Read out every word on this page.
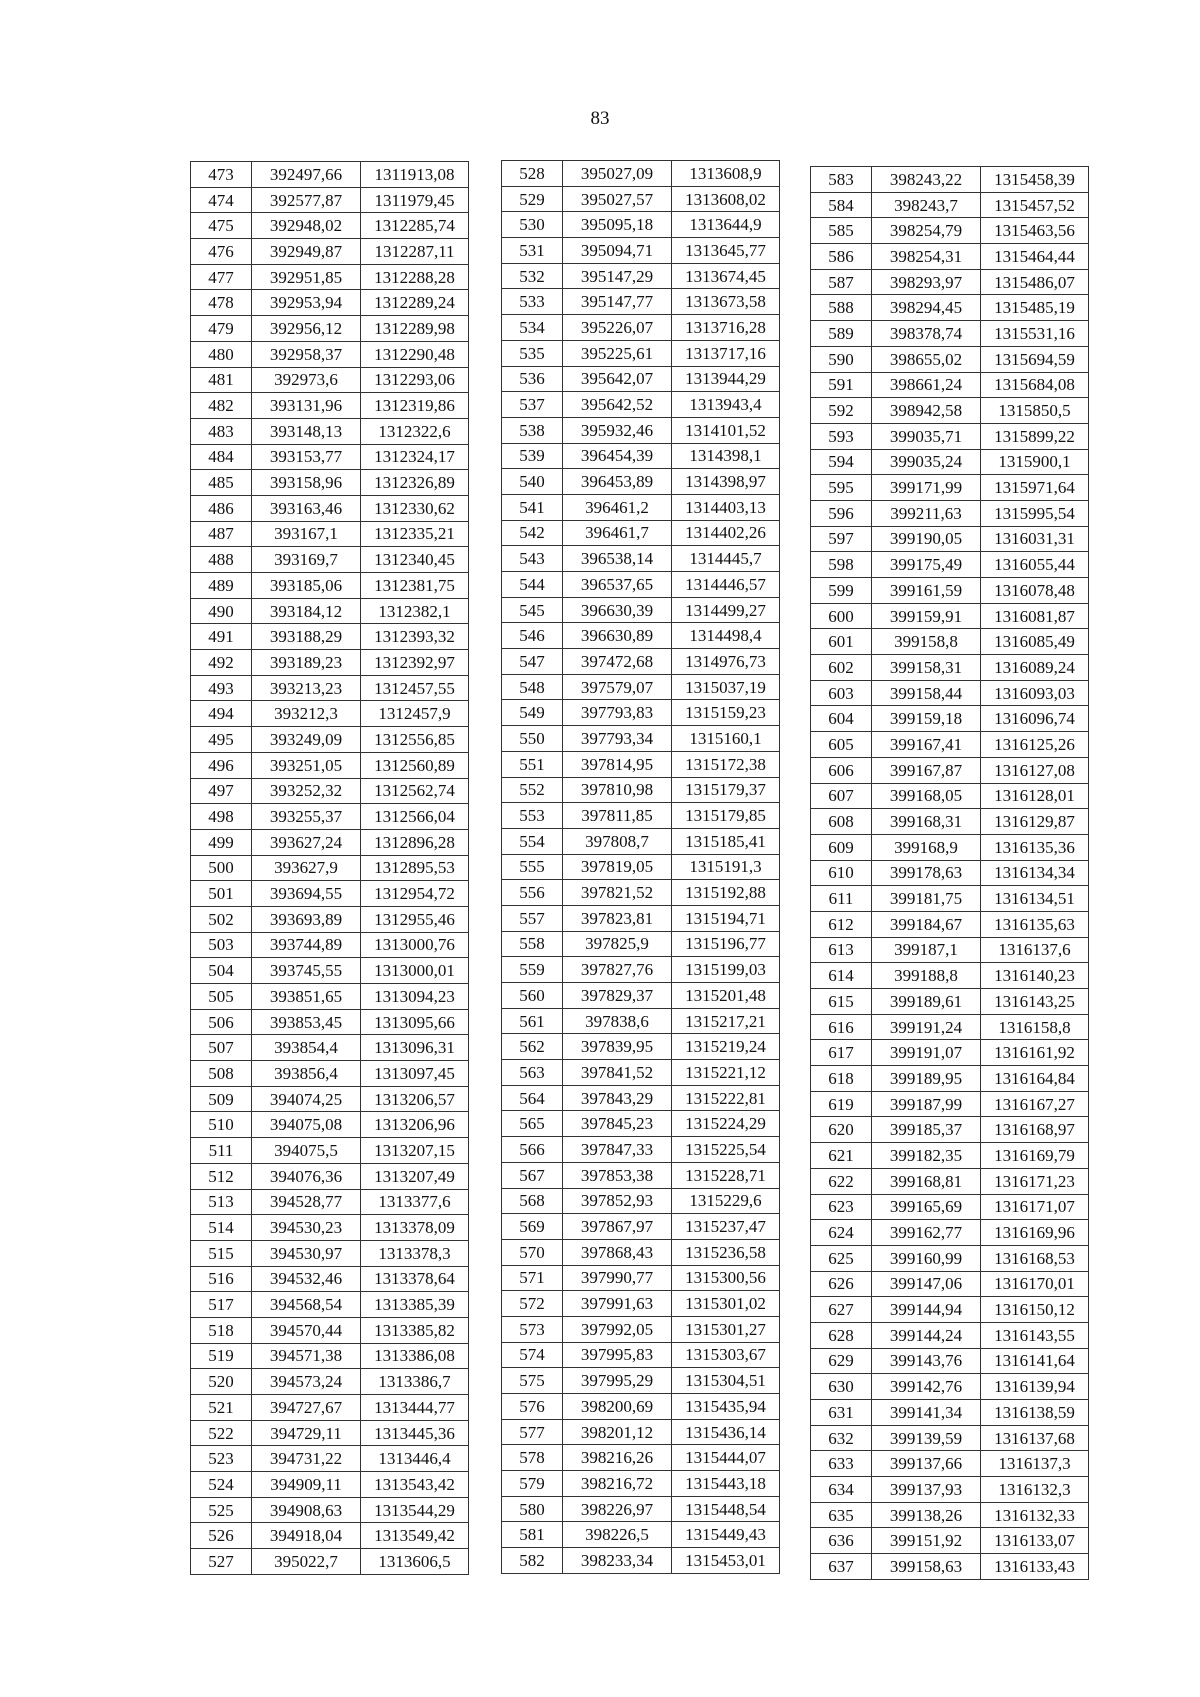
83
473	392497,66	1311913,08
474	392577,87	1311979,45
475	392948,02	1312285,74
476	392949,87	1312287,11
477	392951,85	1312288,28
478	392953,94	1312289,24
479	392956,12	1312289,98
480	392958,37	1312290,48
481	392973,6	1312293,06
482	393131,96	1312319,86
483	393148,13	1312322,6
484	393153,77	1312324,17
485	393158,96	1312326,89
486	393163,46	1312330,62
487	393167,1	1312335,21
488	393169,7	1312340,45
489	393185,06	1312381,75
490	393184,12	1312382,1
491	393188,29	1312393,32
492	393189,23	1312392,97
493	393213,23	1312457,55
494	393212,3	1312457,9
495	393249,09	1312556,85
496	393251,05	1312560,89
497	393252,32	1312562,74
498	393255,37	1312566,04
499	393627,24	1312896,28
500	393627,9	1312895,53
501	393694,55	1312954,72
502	393693,89	1312955,46
503	393744,89	1313000,76
504	393745,55	1313000,01
505	393851,65	1313094,23
506	393853,45	1313095,66
507	393854,4	1313096,31
508	393856,4	1313097,45
509	394074,25	1313206,57
510	394075,08	1313206,96
511	394075,5	1313207,15
512	394076,36	1313207,49
513	394528,77	1313377,6
514	394530,23	1313378,09
515	394530,97	1313378,3
516	394532,46	1313378,64
517	394568,54	1313385,39
518	394570,44	1313385,82
519	394571,38	1313386,08
520	394573,24	1313386,7
521	394727,67	1313444,77
522	394729,11	1313445,36
523	394731,22	1313446,4
524	394909,11	1313543,42
525	394908,63	1313544,29
526	394918,04	1313549,42
527	395022,7	1313606,5
528	395027,09	1313608,9
529	395027,57	1313608,02
530	395095,18	1313644,9
531	395094,71	1313645,77
532	395147,29	1313674,45
533	395147,77	1313673,58
534	395226,07	1313716,28
535	395225,61	1313717,16
536	395642,07	1313944,29
537	395642,52	1313943,4
538	395932,46	1314101,52
539	396454,39	1314398,1
540	396453,89	1314398,97
541	396461,2	1314403,13
542	396461,7	1314402,26
543	396538,14	1314445,7
544	396537,65	1314446,57
545	396630,39	1314499,27
546	396630,89	1314498,4
547	397472,68	1314976,73
548	397579,07	1315037,19
549	397793,83	1315159,23
550	397793,34	1315160,1
551	397814,95	1315172,38
552	397810,98	1315179,37
553	397811,85	1315179,85
554	397808,7	1315185,41
555	397819,05	1315191,3
556	397821,52	1315192,88
557	397823,81	1315194,71
558	397825,9	1315196,77
559	397827,76	1315199,03
560	397829,37	1315201,48
561	397838,6	1315217,21
562	397839,95	1315219,24
563	397841,52	1315221,12
564	397843,29	1315222,81
565	397845,23	1315224,29
566	397847,33	1315225,54
567	397853,38	1315228,71
568	397852,93	1315229,6
569	397867,97	1315237,47
570	397868,43	1315236,58
571	397990,77	1315300,56
572	397991,63	1315301,02
573	397992,05	1315301,27
574	397995,83	1315303,67
575	397995,29	1315304,51
576	398200,69	1315435,94
577	398201,12	1315436,14
578	398216,26	1315444,07
579	398216,72	1315443,18
580	398226,97	1315448,54
581	398226,5	1315449,43
582	398233,34	1315453,01
583	398243,22	1315458,39
584	398243,7	1315457,52
585	398254,79	1315463,56
586	398254,31	1315464,44
587	398293,97	1315486,07
588	398294,45	1315485,19
589	398378,74	1315531,16
590	398655,02	1315694,59
591	398661,24	1315684,08
592	398942,58	1315850,5
593	399035,71	1315899,22
594	399035,24	1315900,1
595	399171,99	1315971,64
596	399211,63	1315995,54
597	399190,05	1316031,31
598	399175,49	1316055,44
599	399161,59	1316078,48
600	399159,91	1316081,87
601	399158,8	1316085,49
602	399158,31	1316089,24
603	399158,44	1316093,03
604	399159,18	1316096,74
605	399167,41	1316125,26
606	399167,87	1316127,08
607	399168,05	1316128,01
608	399168,31	1316129,87
609	399168,9	1316135,36
610	399178,63	1316134,34
611	399181,75	1316134,51
612	399184,67	1316135,63
613	399187,1	1316137,6
614	399188,8	1316140,23
615	399189,61	1316143,25
616	399191,24	1316158,8
617	399191,07	1316161,92
618	399189,95	1316164,84
619	399187,99	1316167,27
620	399185,37	1316168,97
621	399182,35	1316169,79
622	399168,81	1316171,23
623	399165,69	1316171,07
624	399162,77	1316169,96
625	399160,99	1316168,53
626	399147,06	1316170,01
627	399144,94	1316150,12
628	399144,24	1316143,55
629	399143,76	1316141,64
630	399142,76	1316139,94
631	399141,34	1316138,59
632	399139,59	1316137,68
633	399137,66	1316137,3
634	399137,93	1316132,3
635	399138,26	1316132,33
636	399151,92	1316133,07
637	399158,63	1316133,43
